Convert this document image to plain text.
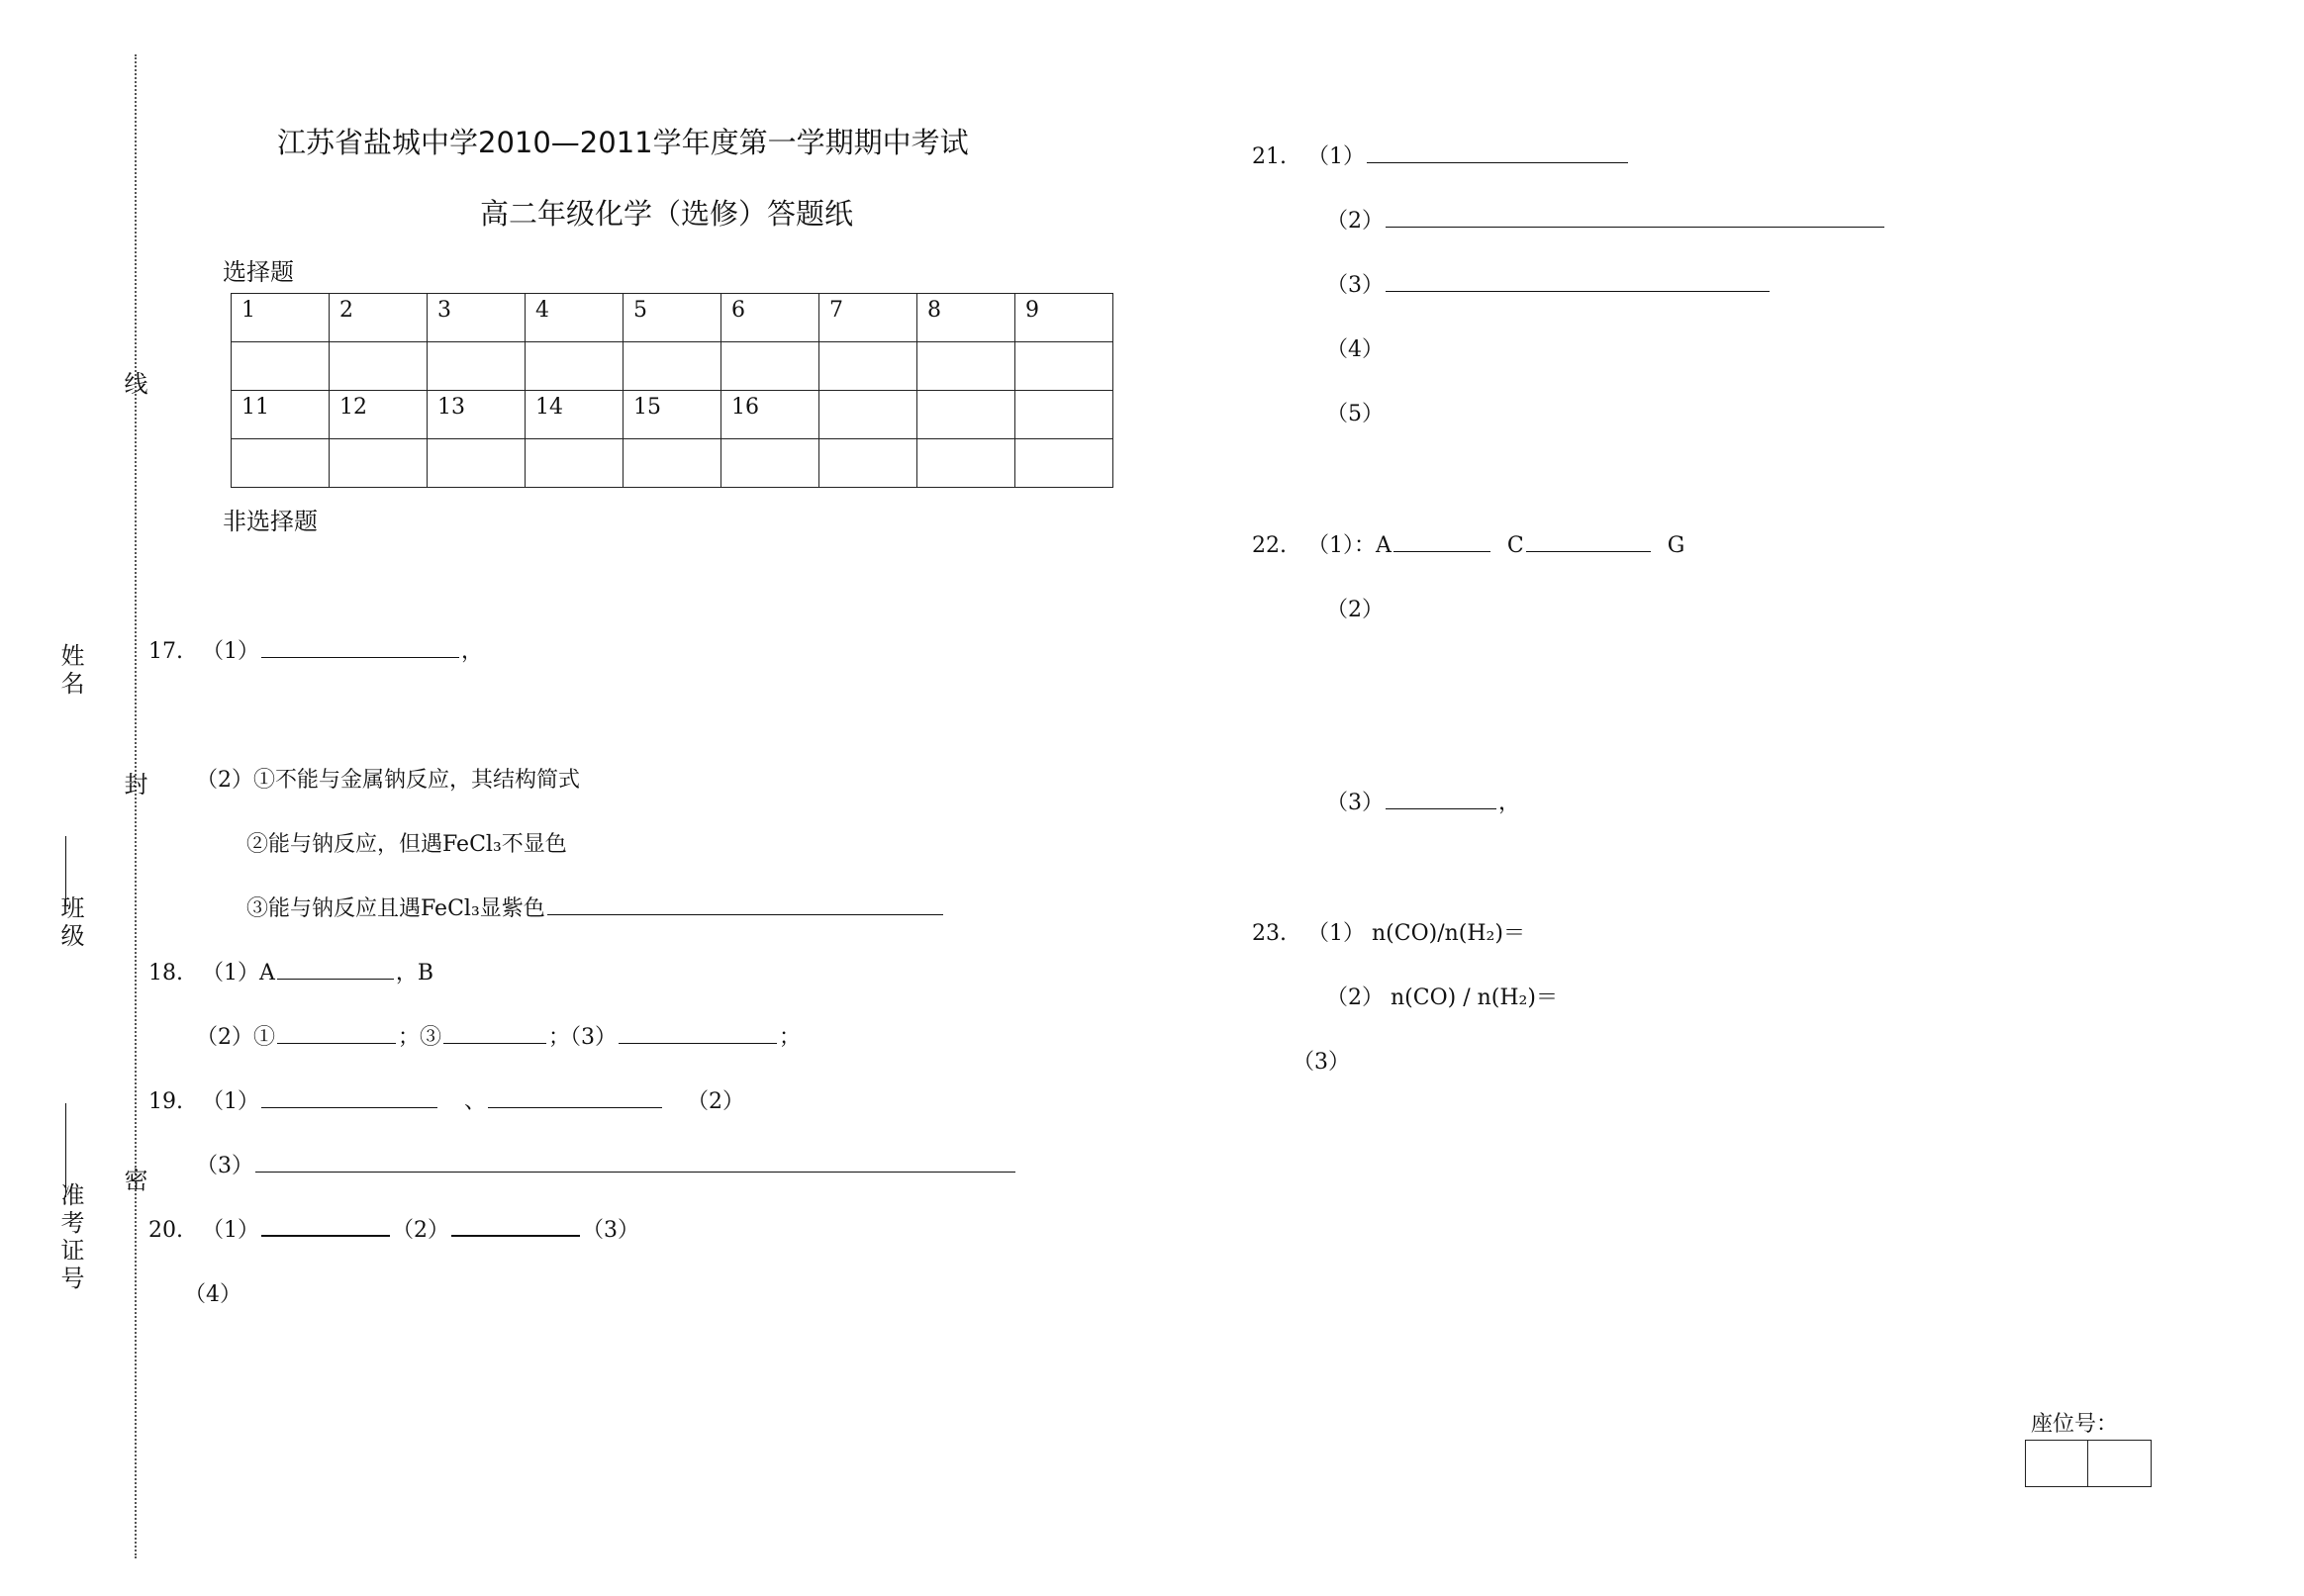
线
封
密
姓名
班级
准考证号
江苏省盐城中学2010—2011学年度第一学期期中考试
高二年级化学（选修）答题纸
选择题
1	2	3	4	5	6	7	8	9

11	12	13	14	15	16			

非选择题
17. （1）	，
（2）①不能与金属钠反应，其结构简式
②能与钠反应，但遇FeCl₃不显色
③能与钠反应且遇FeCl₃显紫色
18. （1）A	，B
（2）①	；③	；（3）	；
19. （1）	、	（2）
（3）
20. （1）	（2）	（3）
（4）
21. （1）
（2）
（3）
（4）
（5）
22. （1）：A	C	G
（2）
（3）	，
23. （1） n(CO)/n(H₂)＝
（2） n(CO) / n(H₂)＝
（3）
座位号：
